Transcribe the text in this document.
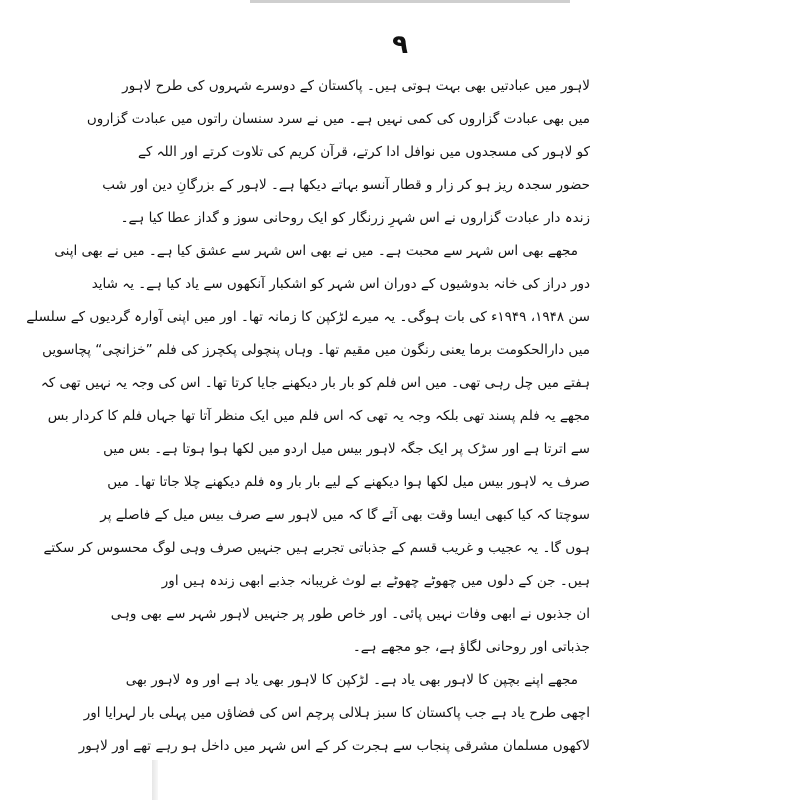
۹
لاہور میں عبادتیں بھی بہت ہوتی ہیں۔ پاکستان کے دوسرے شہروں کی طرح لاہور
میں بھی عبادت گزاروں کی کمی نہیں ہے۔ میں نے سرد سنسان راتوں میں عبادت گزاروں
کو لاہور کی مسجدوں میں نوافل ادا کرتے، قرآن کریم کی تلاوت کرتے اور اللہ کے
حضور سجدہ ریز ہو کر زار و قطار آنسو بہاتے دیکھا ہے۔ لاہور کے بزرگانِ دین اور شب
زندہ دار عبادت گزاروں نے اس شہرِ زرنگار کو ایک روحانی سوز و گداز عطا کیا ہے۔
مجھے بھی اس شہر سے محبت ہے۔ میں نے بھی اس شہر سے عشق کیا ہے۔ میں نے بھی اپنی
دور دراز کی خانہ بدوشیوں کے دوران اس شہر کو اشکبار آنکھوں سے یاد کیا ہے۔ یہ شاید
سن ۱۹۴۸، ۱۹۴۹ء کی بات ہوگی۔ یہ میرے لڑکپن کا زمانہ تھا۔ اور میں اپنی آوارہ گردیوں کے سلسلے
میں دارالحکومت برما یعنی رنگون میں مقیم تھا۔ وہاں پنچولی پکچرز کی فلم ”خزانچی“ پچاسویں
ہفتے میں چل رہی تھی۔ میں اس فلم کو بار بار دیکھنے جایا کرتا تھا۔ اس کی وجہ یہ نہیں تھی کہ
مجھے یہ فلم پسند تھی بلکہ وجہ یہ تھی کہ اس فلم میں ایک منظر آتا تھا جہاں فلم کا کردار بس
سے اترتا ہے اور سڑک پر ایک جگہ لاہور بیس میل اردو میں لکھا ہوا ہوتا ہے۔ بس میں
صرف یہ لاہور بیس میل لکھا ہوا دیکھنے کے لیے بار بار وہ فلم دیکھنے چلا جاتا تھا۔ میں
سوچتا کہ کیا کبھی ایسا وقت بھی آئے گا کہ میں لاہور سے صرف بیس میل کے فاصلے پر
ہوں گا۔ یہ عجیب و غریب قسم کے جذباتی تجربے ہیں جنہیں صرف وہی لوگ محسوس کر سکتے
ہیں۔ جن کے دلوں میں چھوٹے چھوٹے بے لوث غریبانہ جذبے ابھی زندہ ہیں اور
ان جذبوں نے ابھی وفات نہیں پائی۔ اور خاص طور پر جنہیں لاہور شہر سے بھی وہی
جذباتی اور روحانی لگاؤ ہے، جو مجھے ہے۔
مجھے اپنے بچپن کا لاہور بھی یاد ہے۔ لڑکپن کا لاہور بھی یاد ہے اور وہ لاہور بھی
اچھی طرح یاد ہے جب پاکستان کا سبز ہلالی پرچم اس کی فضاؤں میں پہلی بار لہرایا اور
لاکھوں مسلمان مشرقی پنجاب سے ہجرت کر کے اس شہر میں داخل ہو رہے تھے اور لاہور
